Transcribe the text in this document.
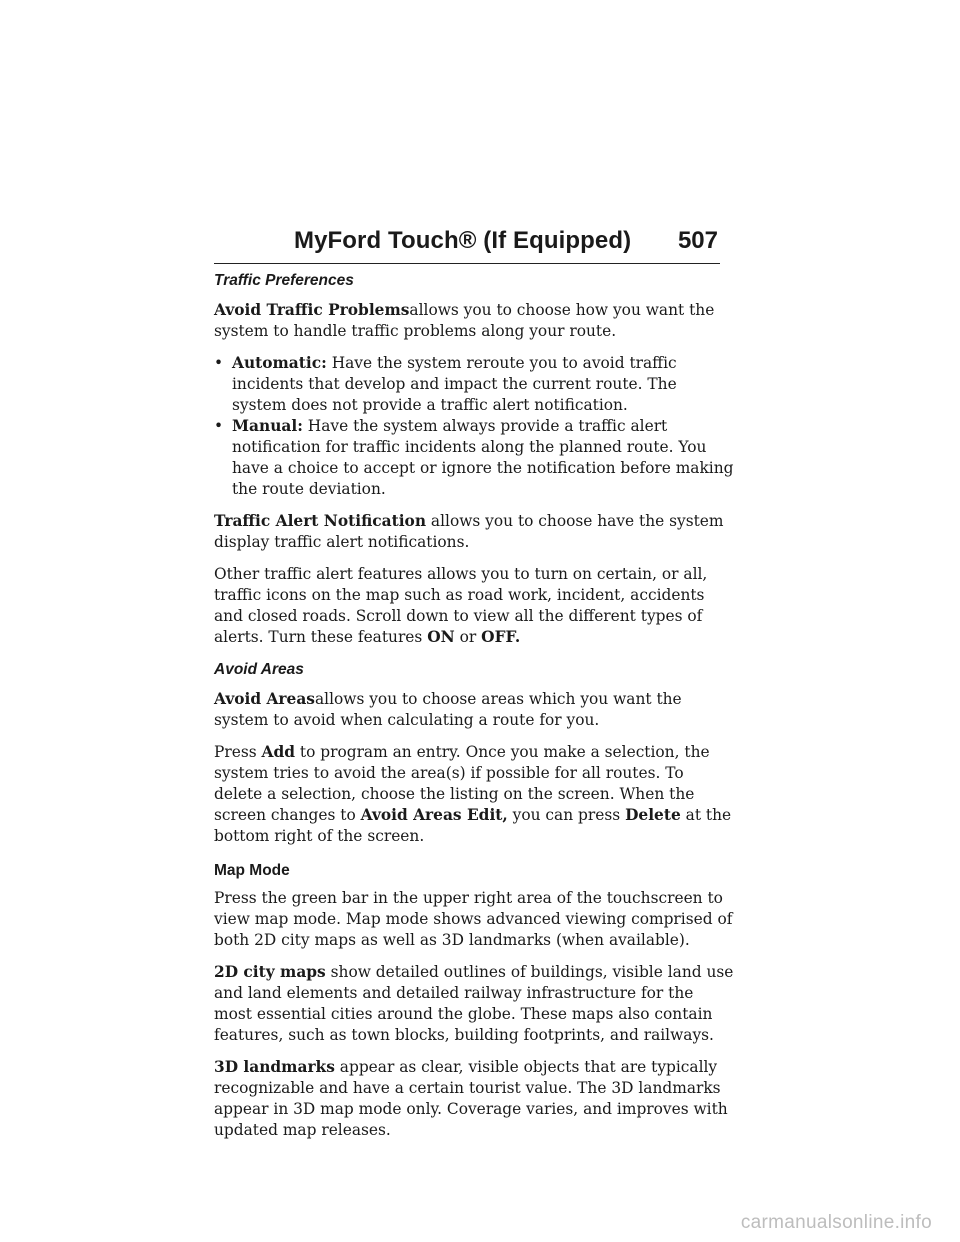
MyFord Touch® (If Equipped) 507
Traffic Preferences

Avoid Traffic Problemsallows you to choose how you want the system to handle traffic problems along your route.

• Automatic: Have the system reroute you to avoid traffic incidents that develop and impact the current route. The system does not provide a traffic alert notification.
• Manual: Have the system always provide a traffic alert notification for traffic incidents along the planned route. You have a choice to accept or ignore the notification before making the route deviation.

Traffic Alert Notification allows you to choose have the system display traffic alert notifications.

Other traffic alert features allows you to turn on certain, or all, traffic icons on the map such as road work, incident, accidents and closed roads. Scroll down to view all the different types of alerts. Turn these features ON or OFF.

Avoid Areas

Avoid Areasallows you to choose areas which you want the system to avoid when calculating a route for you.

Press Add to program an entry. Once you make a selection, the system tries to avoid the area(s) if possible for all routes. To delete a selection, choose the listing on the screen. When the screen changes to Avoid Areas Edit, you can press Delete at the bottom right of the screen.

Map Mode

Press the green bar in the upper right area of the touchscreen to view map mode. Map mode shows advanced viewing comprised of both 2D city maps as well as 3D landmarks (when available).

2D city maps show detailed outlines of buildings, visible land use and land elements and detailed railway infrastructure for the most essential cities around the globe. These maps also contain features, such as town blocks, building footprints, and railways.

3D landmarks appear as clear, visible objects that are typically recognizable and have a certain tourist value. The 3D landmarks appear in 3D map mode only. Coverage varies, and improves with updated map releases.

carmanualsonline.info
